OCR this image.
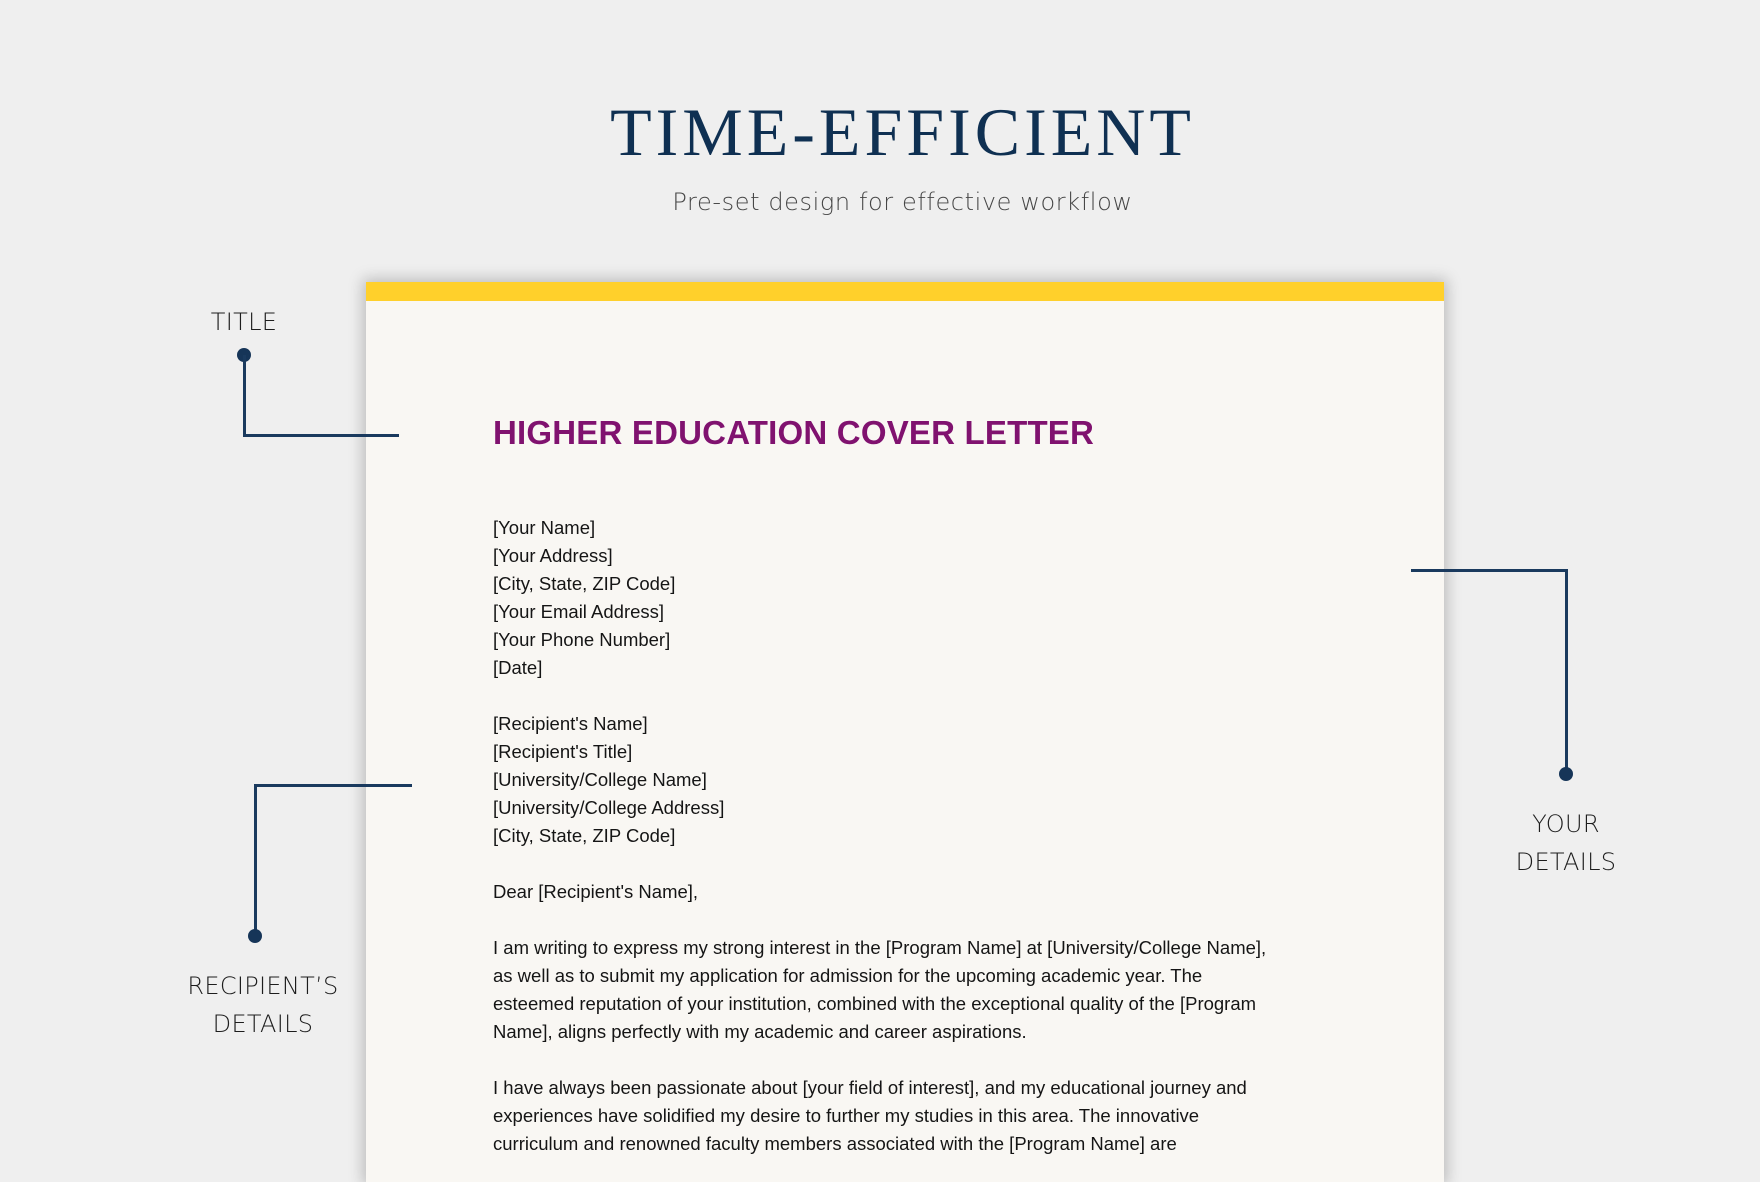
TIME-EFFICIENT
Pre-set design for effective workflow
HIGHER EDUCATION COVER LETTER
[Your Name]
[Your Address]
[City, State, ZIP Code]
[Your Email Address]
[Your Phone Number]
[Date]
[Recipient's Name]
[Recipient's Title]
[University/College Name]
[University/College Address]
[City, State, ZIP Code]
Dear [Recipient's Name],

I am writing to express my strong interest in the [Program Name] at [University/College Name],
as well as to submit my application for admission for the upcoming academic year. The
esteemed reputation of your institution, combined with the exceptional quality of the [Program
Name], aligns perfectly with my academic and career aspirations.

I have always been passionate about [your field of interest], and my educational journey and
experiences have solidified my desire to further my studies in this area. The innovative
curriculum and renowned faculty members associated with the [Program Name] are

TITLE
YOUR
DETAILS
RECIPIENT’S
DETAILS
